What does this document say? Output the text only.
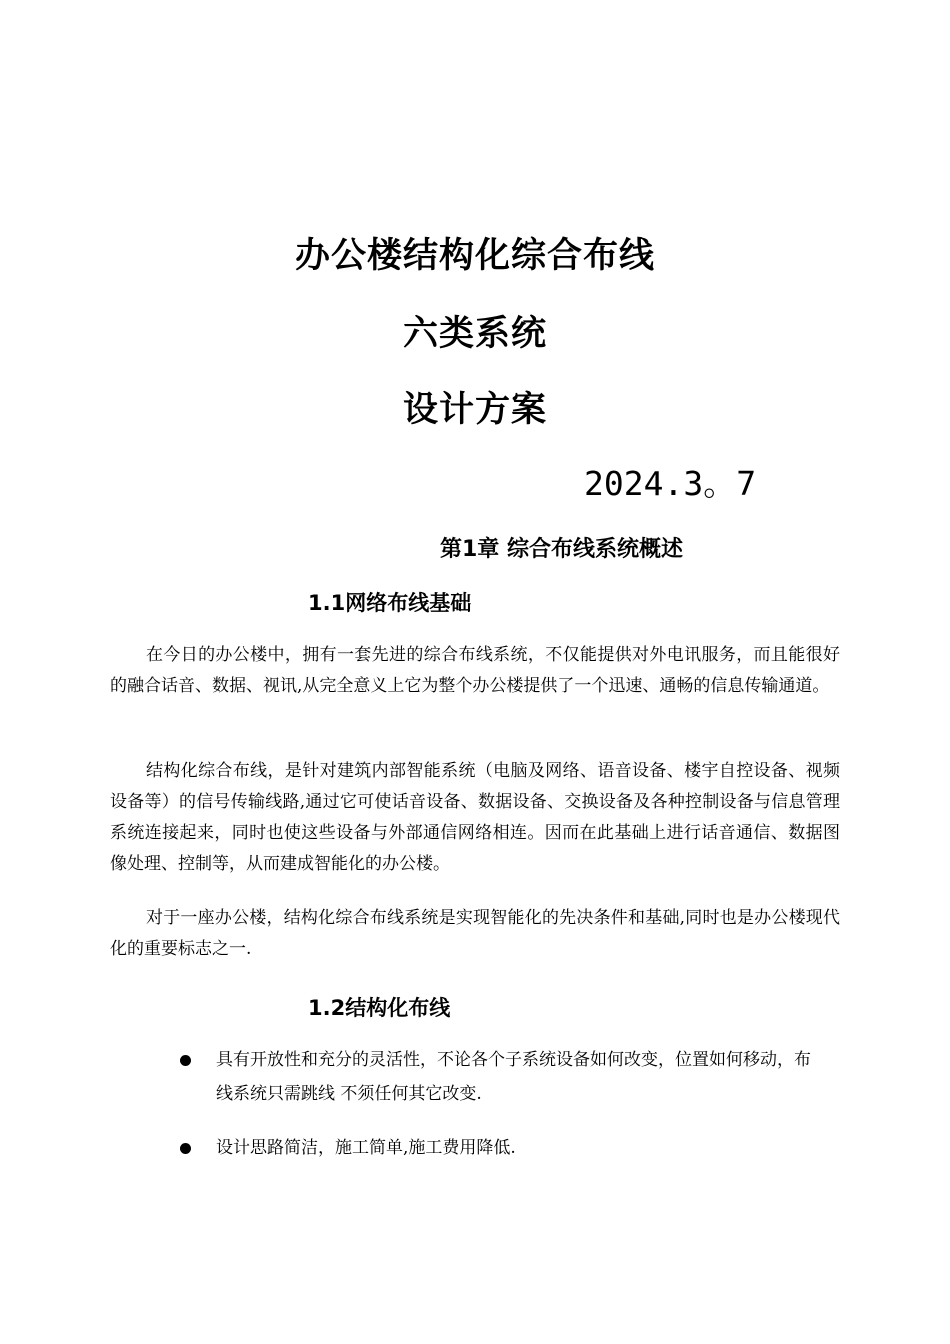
办公楼结构化综合布线
六类系统
设计方案
2024.3。7
第1章 综合布线系统概述
1.1网络布线基础

在今日的办公楼中，拥有一套先进的综合布线系统，不仅能提供对外电讯服务，而且能很好的融合话音、数据、视讯,从完全意义上它为整个办公楼提供了一个迅速、通畅的信息传输通道。

结构化综合布线，是针对建筑内部智能系统（电脑及网络、语音设备、楼宇自控设备、视频设备等）的信号传输线路,通过它可使话音设备、数据设备、交换设备及各种控制设备与信息管理系统连接起来，同时也使这些设备与外部通信网络相连。因而在此基础上进行话音通信、数据图像处理、控制等，从而建成智能化的办公楼。

对于一座办公楼，结构化综合布线系统是实现智能化的先决条件和基础,同时也是办公楼现代化的重要标志之一.

1.2结构化布线
具有开放性和充分的灵活性，不论各个子系统设备如何改变，位置如何移动，布线系统只需跳线 不须任何其它改变.
设计思路简洁，施工简单,施工费用降低.
